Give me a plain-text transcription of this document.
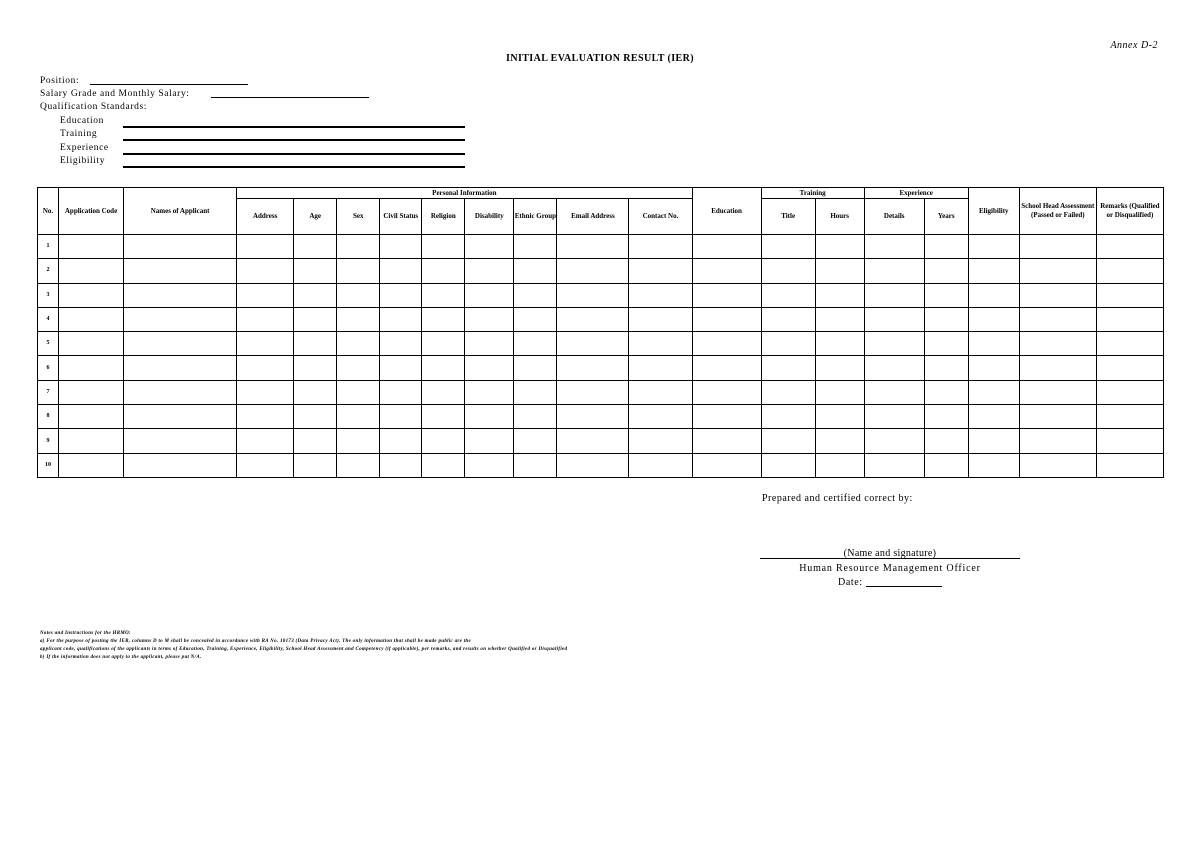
Annex D-2
INITIAL EVALUATION RESULT (IER)
Position:
Salary Grade and Monthly Salary:
Qualification Standards:
Education
Training
Experience
Eligibility
No.	Application Code	Names of Applicant	Personal Information									Education	Training		Experience		Eligibility	School Head Assessment (Passed or Failed)	Remarks (Qualified or Disqualified)
			Address	Age	Sex	Civil Status	Religion	Disability	Ethnic Group	Email Address	Contact No.		Title	Hours	Details	Years			
1																			
2																			
3																			
4																			
5																			
6																			
7																			
8																			
9																			
10																			
Prepared and certified correct by:
(Name and signature)
Human Resource Management Officer
Date:
Notes and Instructions for the HRMO:
a) For the purpose of posting the IER, columns D to M shall be concealed in accordance with RA No. 10173 (Data Privacy Act). The only information that shall be made public are the
applicant code, qualifications of the applicants in terms of Education, Training, Experience, Eligibility, School Head Assessment and Competency (if applicable), per remarks, and results on whether Qualified or Disqualified
b) If the information does not apply to the applicant, please put N/A.
